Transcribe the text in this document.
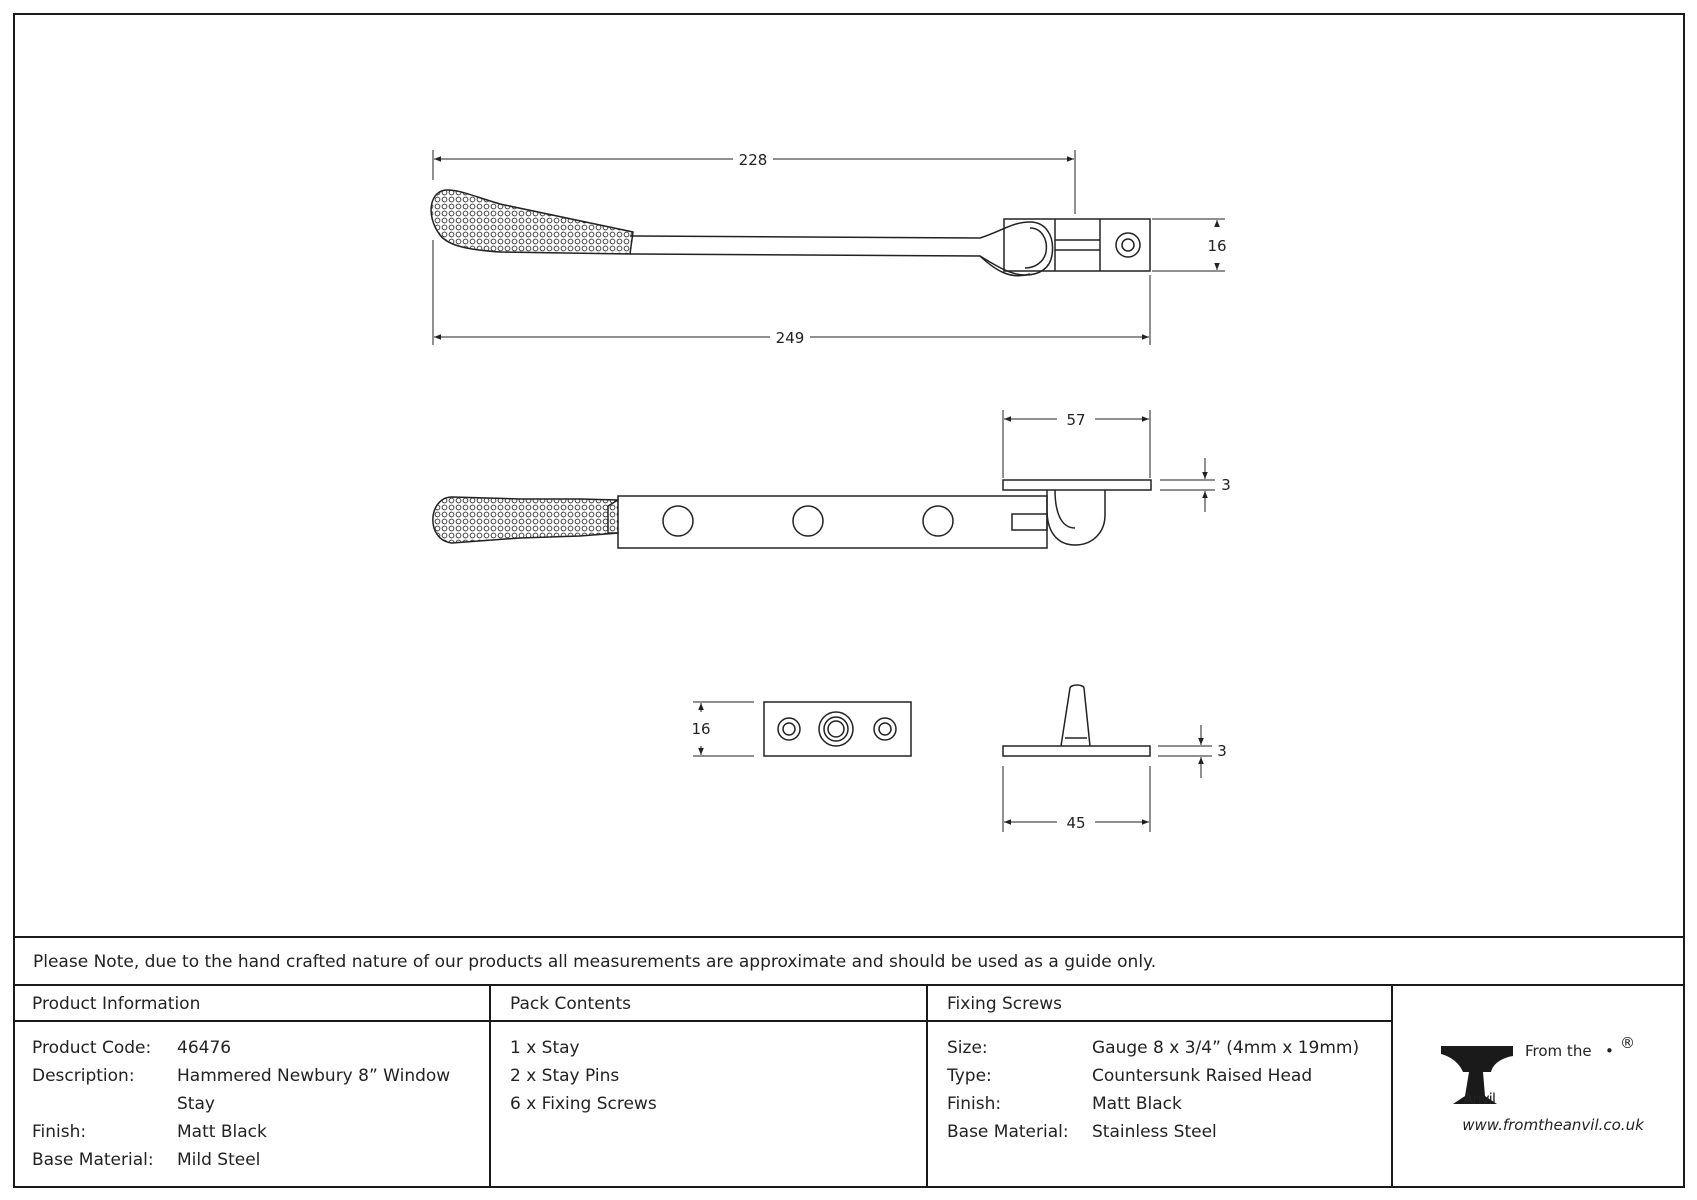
228
249
16
57
3
16
3
45
Please Note, due to the hand crafted nature of our products all measurements are approximate and should be used as a guide only.
Product Information
Product Code:	46476
Description:	Hammered Newbury 8” Window Stay
Finish:	Matt Black
Base Material:	Mild Steel
Pack Contents
1 x Stay
2 x Stay Pins
6 x Fixing Screws
Fixing Screws
Size:	Gauge 8 x 3/4” (4mm x 19mm)
Type:	Countersunk Raised Head
Finish:	Matt Black
Base Material:	Stainless Steel
From the • ®
Anvil
www.fromtheanvil.co.uk
